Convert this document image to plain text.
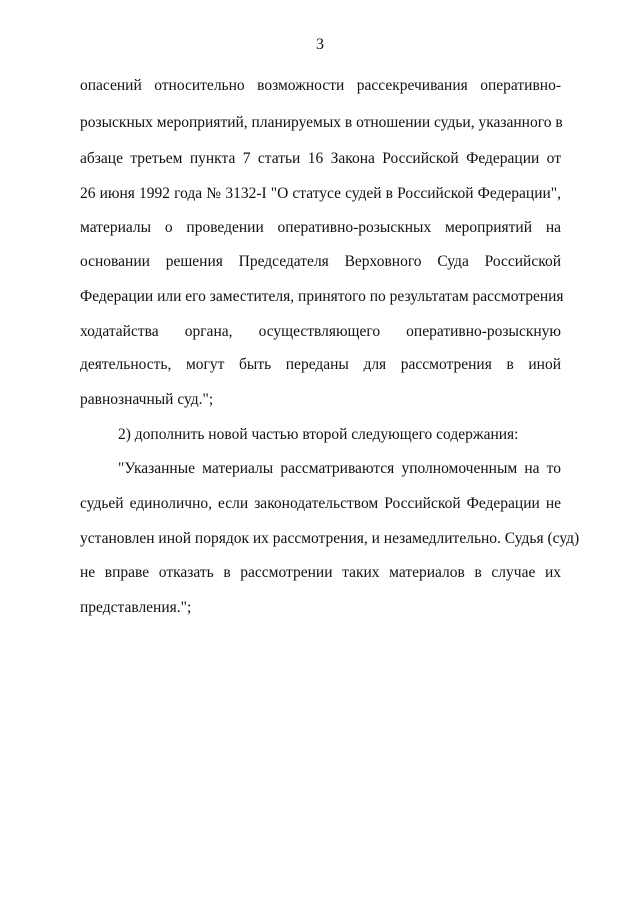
3
опасений относительно возможности рассекречивания оперативно-
розыскных мероприятий, планируемых в отношении судьи, указанного в
абзаце третьем пункта 7 статьи 16 Закона Российской Федерации от
26 июня 1992 года № 3132-I "О статусе судей в Российской Федерации",
материалы о проведении оперативно-розыскных мероприятий на
основании решения Председателя Верховного Суда Российской
Федерации или его заместителя, принятого по результатам рассмотрения
ходатайства органа, осуществляющего оперативно-розыскную
деятельность, могут быть переданы для рассмотрения в иной
равнозначный суд.";
2) дополнить новой частью второй следующего содержания:
"Указанные материалы рассматриваются уполномоченным на то
судьей единолично, если законодательством Российской Федерации не
установлен иной порядок их рассмотрения, и незамедлительно. Судья (суд)
не вправе отказать в рассмотрении таких материалов в случае их
представления.";
